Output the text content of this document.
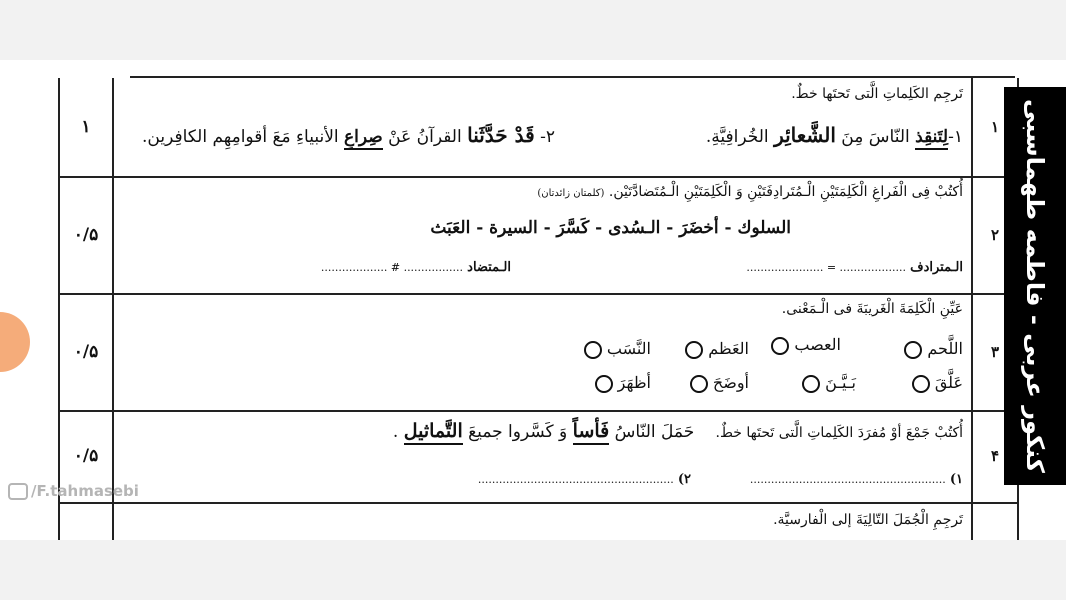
۱
تَرجِم الكَلِماتِ الَّتی تَحتَها خطٌ.
۱-لِتَنقِذ النّاسَ مِنَ الشَّعائِر الخُرافِيَّةِ.
۲- قَدْ حَدَّثَنا القرآنُ عَنْ صِراعِ الأنبياءِ مَعَ أقوامِهِم الكافِرين.	۱
۰/۵
أُكتُبْ فِی الْفَراغِ الْكَلِمَتَيْنِ الْـمُتَرادِفَتَيْنِ وَ الْكَلِمَتَيْنِ الْـمُتَضادَّتَيْن. (كلمتان زائدتان)
السلوك - أخضَرَ - الـسُدى - كَسَّرَ - السيرة - العَبَث
الـمترادف ................... = ......................
الـمتضاد ................. # ...................
۲
۰/۵
عَیِّنِ الْكَلِمَةَ الْغَريبَةَ فی الْـمَعْنی.
اللَّحم
العصب
العَظم
النَّسَب
عَلَّقَ
بَـيَّـنَ
أوضَحَ
أظهَرَ
۳
۰/۵
أُكتُبْ جَمْعَ أوْ مُفرَدَ الكَلِماتِ الَّتی تَحتَها خطٌ.    حَمَلَ النّاسُ فَأساً وَ كَسَّروا جميعَ التَّماثيل .
۱) ........................................................
۲) ........................................................
۴
تَرجِمِ الْجُمَلَ التّالِيَةَ إلی الْفارسيَّة.
کنکور عربی - فاطمه طهماسبی
/F.tahmasebi
